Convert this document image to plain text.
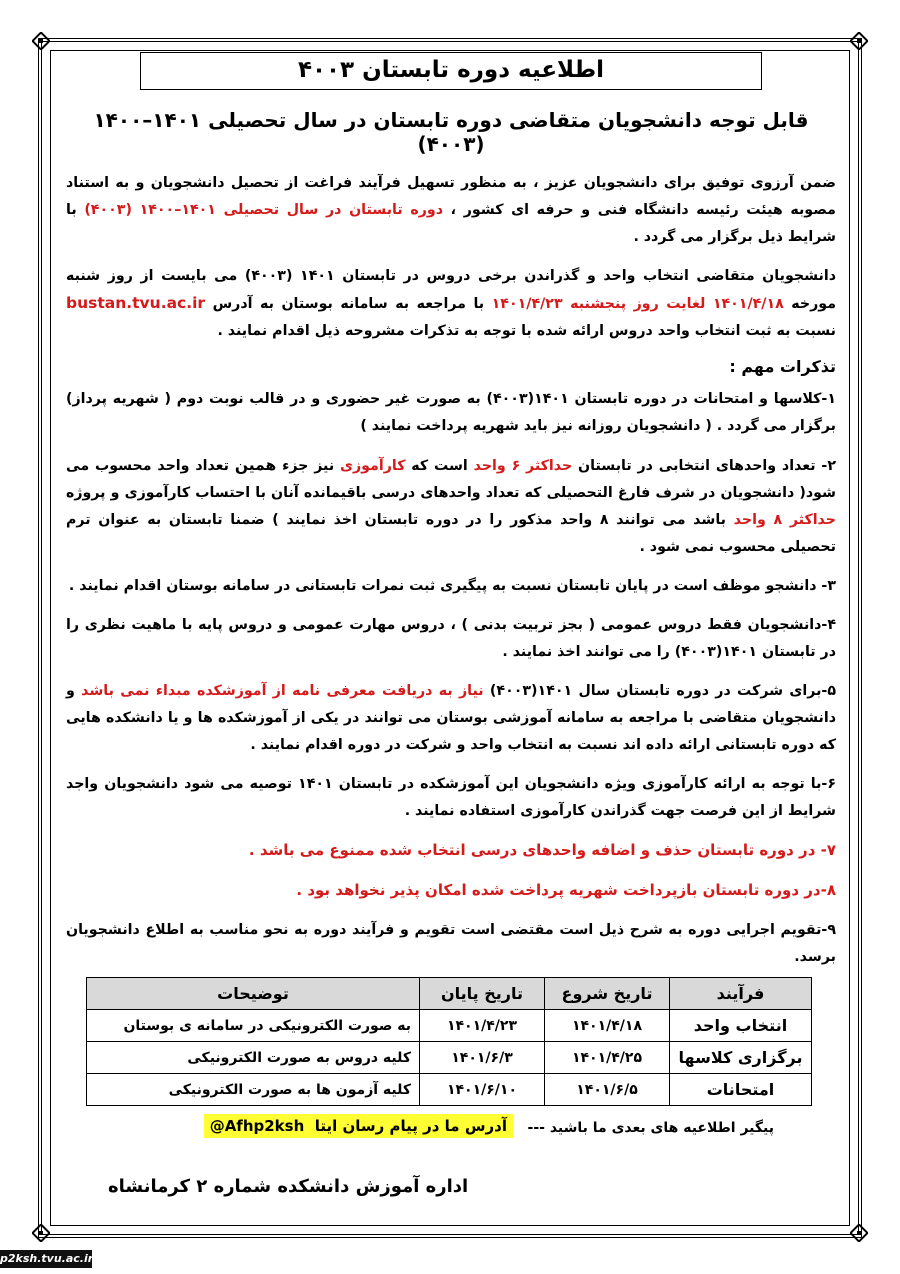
اطلاعیه دوره تابستان ۴۰۰۳
قابل توجه دانشجویان متقاضی دوره تابستان در سال تحصیلی ۱۴۰۱–۱۴۰۰ (۴۰۰۳)

ضمن آرزوی توفیق برای دانشجویان عزیز ، به منظور تسهیل فرآیند فراغت از تحصیل دانشجویان و به استناد مصوبه هیئت رئیسه دانشگاه فنی و حرفه ای کشور ، دوره تابستان در سال تحصیلی ۱۴۰۱–۱۴۰۰ (۴۰۰۳) با شرایط ذیل برگزار می گردد .

دانشجویان متقاضی انتخاب واحد و گذراندن برخی دروس در تابستان ۱۴۰۱ (۴۰۰۳) می بایست از روز شنبه مورخه ۱۴۰۱/۴/۱۸ لغایت روز پنجشنبه ۱۴۰۱/۴/۲۳ با مراجعه به سامانه بوستان به آدرس bustan.tvu.ac.ir نسبت به ثبت انتخاب واحد دروس ارائه شده با توجه به تذکرات مشروحه ذیل اقدام نمایند .

تذکرات مهم :

۱-کلاسها و امتحانات در دوره تابستان ۱۴۰۱(۴۰۰۳) به صورت غیر حضوری و در قالب نوبت دوم ( شهریه پرداز) برگزار می گردد . ( دانشجویان روزانه نیز باید شهریه پرداخت نمایند )

۲- تعداد واحدهای انتخابی در تابستان حداکثر ۶ واحد است که کارآموزی نیز جزء همین تعداد واحد محسوب می شود( دانشجویان در شرف فارغ التحصیلی که تعداد واحدهای درسی باقیمانده آنان با احتساب کارآموزی و پروژه حداکثر ۸ واحد باشد می توانند ۸ واحد مذکور را در دوره تابستان اخذ نمایند ) ضمنا تابستان به عنوان ترم تحصیلی محسوب نمی شود .

۳- دانشجو موظف است در پایان تابستان نسبت به پیگیری ثبت نمرات تابستانی در سامانه بوستان اقدام نمایند .

۴-دانشجویان فقط دروس عمومی ( بجز تربیت بدنی ) ، دروس مهارت عمومی و دروس پایه با ماهیت نظری را در تابستان ۱۴۰۱(۴۰۰۳) را می توانند اخذ نمایند .

۵-برای شرکت در دوره تابستان سال ۱۴۰۱(۴۰۰۳) نیاز به دریافت معرفی نامه از آموزشکده مبداء نمی باشد و دانشجویان متقاضی با مراجعه به سامانه آموزشی بوستان می توانند در یکی از آموزشکده ها و یا دانشکده هایی که دوره تابستانی ارائه داده اند نسبت به انتخاب واحد و شرکت در دوره اقدام نمایند .

۶-با توجه به ارائه کارآموزی ویژه دانشجویان این آموزشکده در تابستان ۱۴۰۱ توصیه می شود دانشجویان واجد شرایط از این فرصت جهت گذراندن کارآموزی استفاده نمایند .

۷- در دوره تابستان حذف و اضافه واحدهای درسی انتخاب شده ممنوع می باشد .
۸-در دوره تابستان بازپرداخت شهریه پرداخت شده امکان پذیر نخواهد بود .

۹-تقویم اجرایی دوره به شرح ذیل است مقتضی است تقویم و فرآیند دوره به نحو مناسب به اطلاع دانشجویان برسد.

فرآیند	تاریخ شروع	تاریخ پایان	توضیحات
انتخاب واحد	۱۴۰۱/۴/۱۸	۱۴۰۱/۴/۲۳	به صورت الکترونیکی در سامانه ی بوستان
برگزاری کلاسها	۱۴۰۱/۴/۲۵	۱۴۰۱/۶/۳	کلیه دروس به صورت الکترونیکی
امتحانات	۱۴۰۱/۶/۵	۱۴۰۱/۶/۱۰	کلیه آزمون ها به صورت الکترونیکی
پیگیر اطلاعیه های بعدی ما باشید ---
آدرس ما در پیام رسان ایتا  @Afhp2ksh
اداره آموزش دانشکده شماره ۲ کرمانشاه
p2ksh.tvu.ac.ir
